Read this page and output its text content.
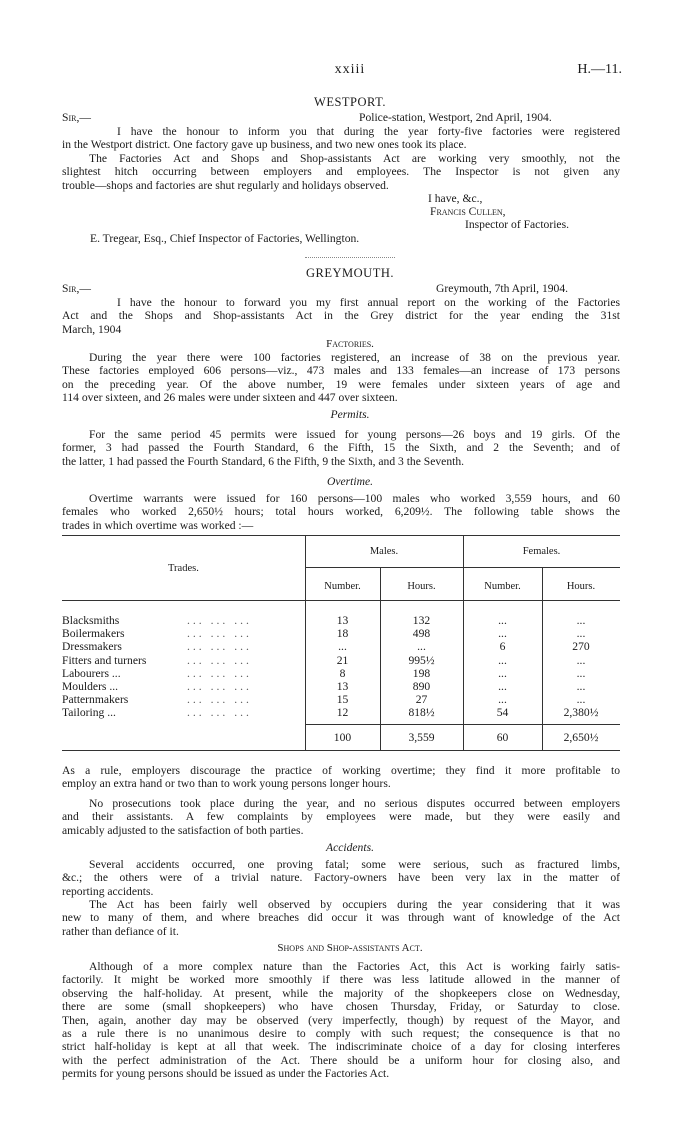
xxiii	H.—11.
WESTPORT.
Sir,—	Police-station, Westport, 2nd April, 1904.
I have the honour to inform you that during the year forty-five factories were registered
in the Westport district. One factory gave up business, and two new ones took its place.
The Factories Act and Shops and Shop-assistants Act are working very smoothly, not the
slightest hitch occurring between employers and employees. The Inspector is not given any
trouble—shops and factories are shut regularly and holidays observed.
I have, &c.,
Francis Cullen,
Inspector of Factories.
E. Tregear, Esq., Chief Inspector of Factories, Wellington.
GREYMOUTH.
Sir,—	Greymouth, 7th April, 1904.
I have the honour to forward you my first annual report on the working of the Factories
Act and the Shops and Shop-assistants Act in the Grey district for the year ending the 31st
March, 1904
Factories.
During the year there were 100 factories registered, an increase of 38 on the previous year.
These factories employed 606 persons—viz., 473 males and 133 females—an increase of 173 persons
on the preceding year. Of the above number, 19 were females under sixteen years of age and
114 over sixteen, and 26 males were under sixteen and 447 over sixteen.
Permits.
For the same period 45 permits were issued for young persons—26 boys and 19 girls. Of the
former, 3 had passed the Fourth Standard, 6 the Fifth, 15 the Sixth, and 2 the Seventh; and of
the latter, 1 had passed the Fourth Standard, 6 the Fifth, 9 the Sixth, and 3 the Seventh.
Overtime.
Overtime warrants were issued for 160 persons—100 males who worked 3,559 hours, and 60
females who worked 2,650½ hours; total hours worked, 6,209½. The following table shows the
trades in which overtime was worked :—
Trades.
Males.	Females.
Number.	Hours.	Number.	Hours.
Blacksmiths	... ... ...	13	132	...	...
Boilermakers	... ... ...	18	498	...	...
Dressmakers	... ... ...	...	...	6	270
Fitters and turners	... ... ...	21	995½	...	...
Labourers ...	... ... ...	8	198	...	...
Moulders ...	... ... ...	13	890	...	...
Patternmakers	... ... ...	15	27	...	...
Tailoring ...	... ... ...	12	818½	54	2,380½
100	3,559	60	2,650½
As a rule, employers discourage the practice of working overtime; they find it more profitable to
employ an extra hand or two than to work young persons longer hours.
No prosecutions took place during the year, and no serious disputes occurred between employers
and their assistants. A few complaints by employees were made, but they were easily and
amicably adjusted to the satisfaction of both parties.
Accidents.
Several accidents occurred, one proving fatal; some were serious, such as fractured limbs,
&c.; the others were of a trivial nature. Factory-owners have been very lax in the matter of
reporting accidents.
The Act has been fairly well observed by occupiers during the year considering that it was
new to many of them, and where breaches did occur it was through want of knowledge of the Act
rather than defiance of it.
Shops and Shop-assistants Act.
Although of a more complex nature than the Factories Act, this Act is working fairly satis-
factorily. It might be worked more smoothly if there was less latitude allowed in the manner of
observing the half-holiday. At present, while the majority of the shopkeepers close on Wednesday,
there are some (small shopkeepers) who have chosen Thursday, Friday, or Saturday to close.
Then, again, another day may be observed (very imperfectly, though) by request of the Mayor, and
as a rule there is no unanimous desire to comply with such request; the consequence is that no
strict half-holiday is kept at all that week. The indiscriminate choice of a day for closing interferes
with the perfect administration of the Act. There should be a uniform hour for closing also, and
permits for young persons should be issued as under the Factories Act.
